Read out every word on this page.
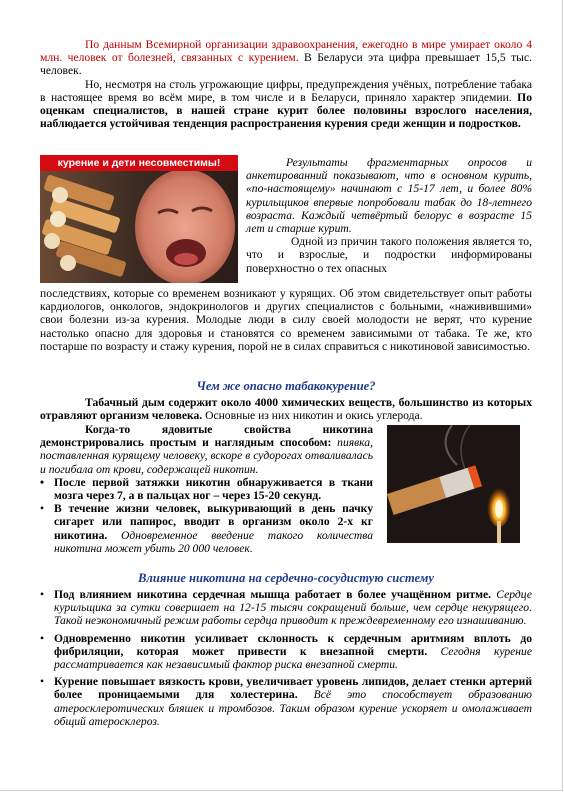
По данным Всемирной организации здравоохранения, ежегодно в мире умирает около 4 млн. человек от болезней, связанных с курением. В Беларуси эта цифра превышает 15,5 тыс. человек.

Но, несмотря на столь угрожающие цифры, предупреждения учёных, потребление табака в настоящее время во всём мире, в том числе и в Беларуси, приняло характер эпидемии. По оценкам специалистов, в нашей стране курит более половины взрослого населения, наблюдается устойчивая тенденция распространения курения среди женщин и подростков.

курение и дети несовместимы!	Результаты фрагментарных опросов и анкетированний показывают, что в основном курить, «по-настоящему» начинают с 15-17 лет, и более 80% курильщиков впервые попробовали табак до 18-летнего возраста. Каждый четвёртый белорус в возрасте 15 лет и старше курит.

Одной из причин такого положения является то, что и взрослые, и подростки информированы поверхностно о тех опасных

последствиях, которые со временем возникают у курящих. Об этом свидетельствует опыт работы кардиологов, онкологов, эндокринологов и других специалистов с больными, «наживившими» свои болезни из-за курения. Молодые люди в силу своей молодости не верят, что курение настолько опасно для здоровья и становятся со временем зависимыми от табака. Те же, кто постарше по возрасту и стажу курения, порой не в силах справиться с никотиновой зависимостью.

Чем же опасно табакокурение?

Табачный дым содержит около 4000 химических веществ, большинство из которых отравляют организм человека. Основные из них никотин и окись углерода.

Когда-то ядовитые свойства никотина демонстрировались простым и наглядным способом: пиявка, поставленная курящему человеку, вскоре в судорогах отваливалась и погибала от крови, содержащей никотин.

• После первой затяжки никотин обнаруживается в ткани мозга через 7, а в пальцах ног – через 15-20 секунд.

• В течение жизни человек, выкуривающий в день пачку сигарет или папирос, вводит в организм около 2-х кг никотина. Одновременное введение такого количества никотина может убить 20 000 человек.

Влияние никотина на сердечно-сосудистую систему

• Под влиянием никотина сердечная мышца работает в более учащённом ритме. Сердце курильщика за сутки совершает на 12-15 тысяч сокращений больше, чем сердце некурящего. Такой неэкономичный режим работы сердца приводит к преждевременному его изнашиванию.

• Одновременно никотин усиливает склонность к сердечным аритмиям вплоть до фибриляции, которая может привести к внезапной смерти. Сегодня курение рассматривается как независимый фактор риска внезапной смерти.

• Курение повышает вязкость крови, увеличивает уровень липидов, делает стенки артерий более проницаемыми для холестерина. Всё это способствует образованию атеросклеротических бляшек и тромбозов. Таким образом курение ускоряет и омолаживает общий атеросклероз.
